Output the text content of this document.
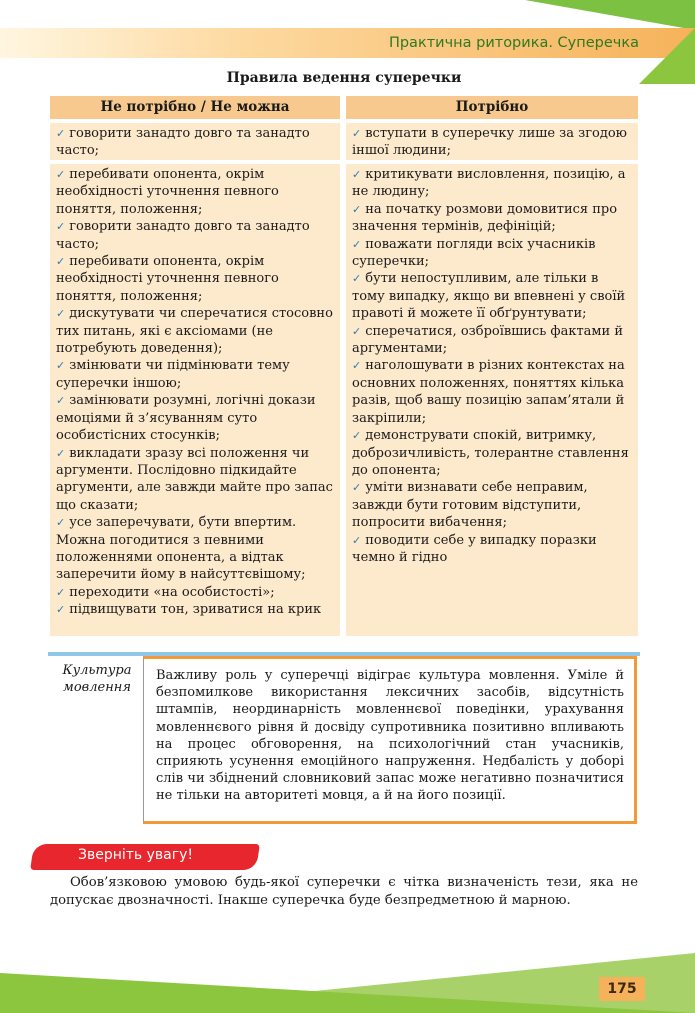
Практична риторика. Суперечка
Правила ведення суперечки
Не потрібно / Не можна	Потрібно

✓ говорити занадто довго та занадто часто;

✓ вступати в суперечку лише за згодою іншої людини;

✓ перебивати опонента, окрім необхідності уточнення певного поняття, положення;

✓ говорити занадто довго та занадто часто;

✓ перебивати опонента, окрім необхідності уточнення певного поняття, положення;

✓ дискутувати чи сперечатися стосовно тих питань, які є аксіомами (не потребують доведення);

✓ змінювати чи підмінювати тему суперечки іншою;

✓ замінювати розумні, логічні докази емоціями й з’ясуванням суто особистісних стосунків;

✓ викладати зразу всі положення чи аргументи. Послідовно підкидайте аргументи, але завжди майте про запас що сказати;

✓ усе заперечувати, бути впертим. Можна погодитися з певними положеннями опонента, а відтак заперечити йому в найсуттєвішому;

✓ переходити «на особистості»;

✓ підвищувати тон, зриватися на крик

✓ критикувати висловлення, позицію, а не людину;

✓ на початку розмови домовитися про значення термінів, дефініцій;

✓ поважати погляди всіх учасників суперечки;

✓ бути непоступливим, але тільки в тому випадку, якщо ви впевнені у своїй правоті й можете її обґрунтувати;

✓ сперечатися, озброївшись фактами й аргументами;

✓ наголошувати в різних контекстах на основних положеннях, поняттях кілька разів, щоб вашу позицію запам’ятали й закріпили;

✓ демонструвати спокій, витримку, доброзичливість, толерантне ставлення до опонента;

✓ уміти визнавати себе неправим, завжди бути готовим відступити, попросити вибачення;

✓ поводити себе у випадку поразки чемно й гідно

Культура мовлення
Важливу роль у суперечці відіграє культура мовлення. Уміле й безпомилкове використання лексичних засобів, відсутність штампів, неординарність мовленнєвої поведінки, урахування мовленнєвого рівня й досвіду супротивника позитивно впливають на процес обговорення, на психологічний стан учасників, сприяють усунення емоційного напруження. Недбалість у доборі слів чи збіднений словниковий запас може негативно позначитися не тільки на авторитеті мовця, а й на його позиції.
Зверніть увагу!
Обов’язковою умовою будь-якої суперечки є чітка визначеність тези, яка не допускає двозначності. Інакше суперечка буде безпредметною й марною.
175
